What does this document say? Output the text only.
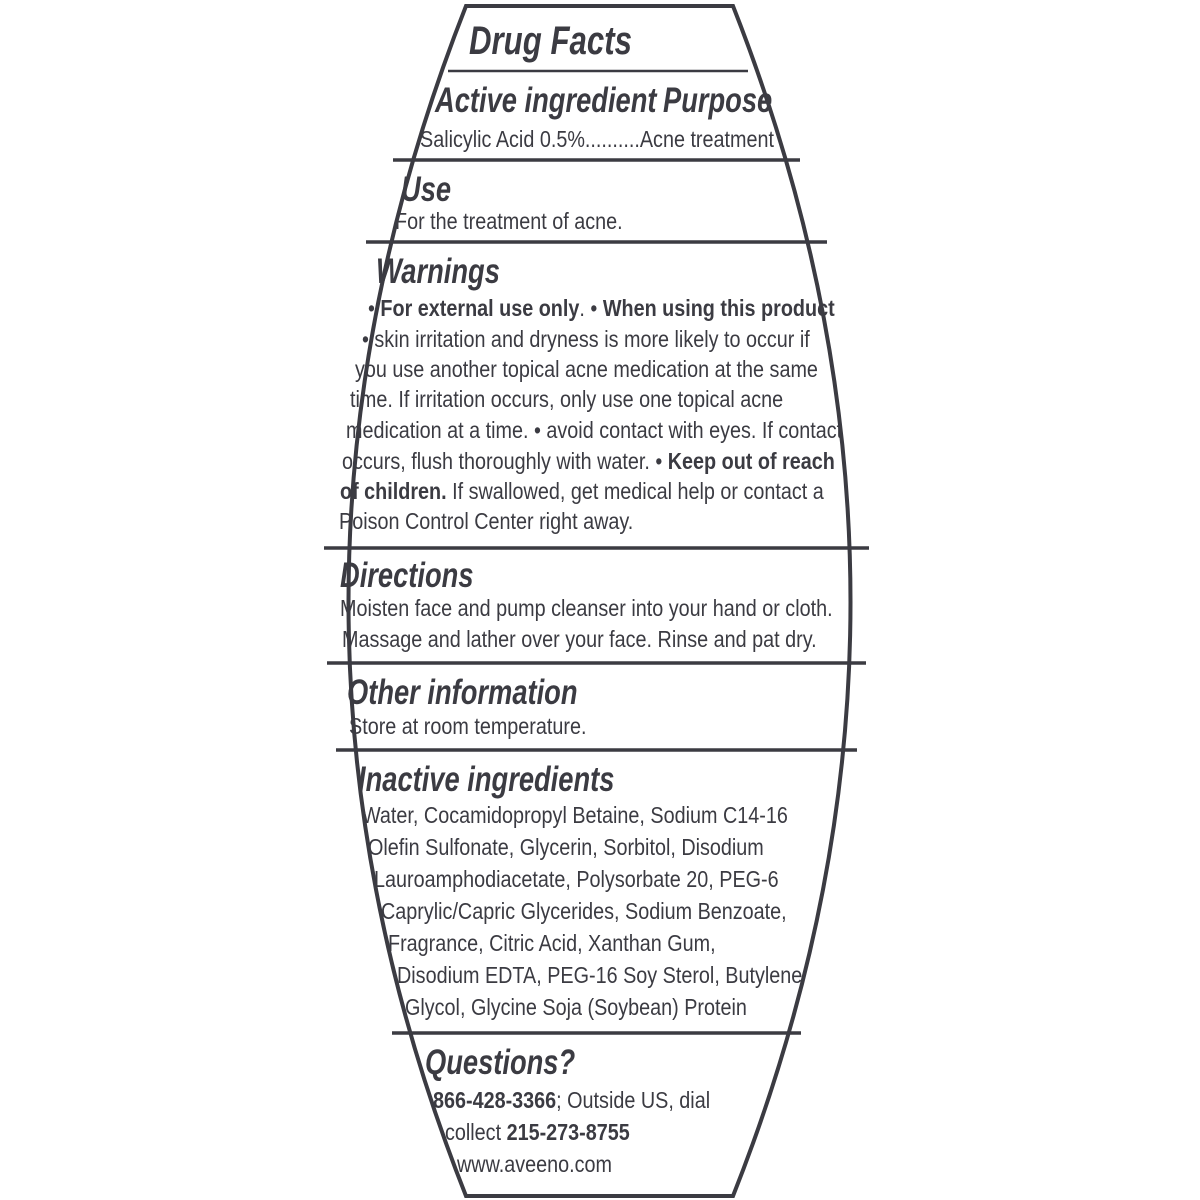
Drug Facts
Active ingredient Purpose
Salicylic Acid 0.5%..........Acne treatment
Use
For the treatment of acne.
Warnings
• For external use only. • When using this product
• skin irritation and dryness is more likely to occur if
you use another topical acne medication at the same
time. If irritation occurs, only use one topical acne
medication at a time. • avoid contact with eyes. If contact
occurs, flush thoroughly with water. • Keep out of reach
of children. If swallowed, get medical help or contact a
Poison Control Center right away.
Directions
Moisten face and pump cleanser into your hand or cloth.
Massage and lather over your face. Rinse and pat dry.
Other information
Store at room temperature.
Inactive ingredients
Water, Cocamidopropyl Betaine, Sodium C14-16
Olefin Sulfonate, Glycerin, Sorbitol, Disodium
Lauroamphodiacetate, Polysorbate 20, PEG-6
Caprylic/Capric Glycerides, Sodium Benzoate,
Fragrance, Citric Acid, Xanthan Gum,
Disodium EDTA, PEG-16 Soy Sterol, Butylene
Glycol, Glycine Soja (Soybean) Protein
Questions?
866-428-3366; Outside US, dial
collect 215-273-8755
www.aveeno.com
